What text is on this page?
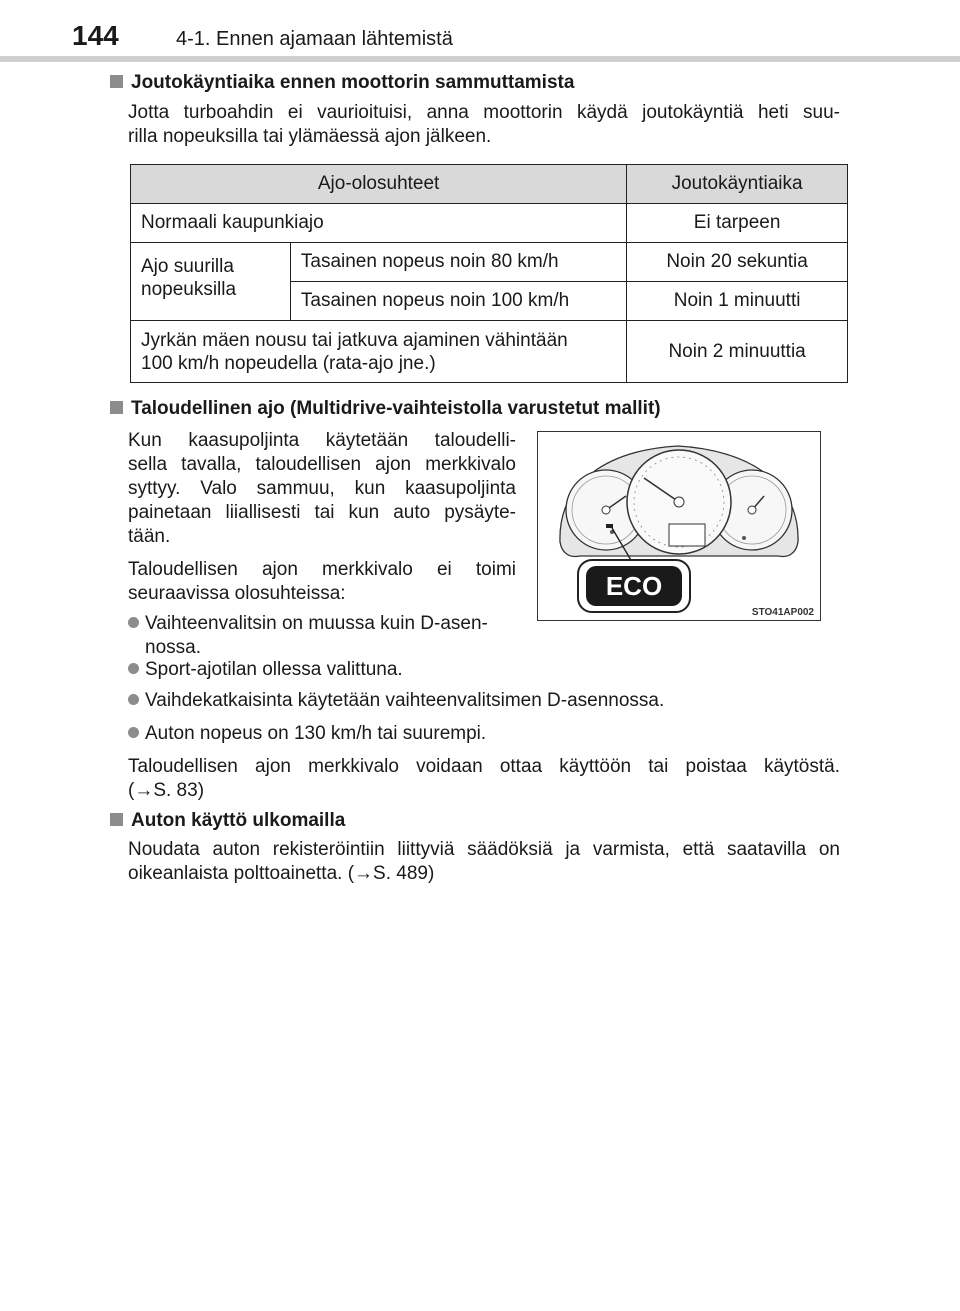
144	4-1. Ennen ajamaan lähtemistä
Joutokäyntiaika ennen moottorin sammuttamista
Jotta turboahdin ei vaurioituisi, anna moottorin käydä joutokäyntiä heti suu-
rilla nopeuksilla tai ylämäessä ajon jälkeen.
Ajo-olosuhteet		Joutokäyntiaika
Normaali kaupunkiajo		Ei tarpeen

Ajo suurilla
nopeuksilla	Tasainen nopeus noin 80 km/h	Noin 20 sekuntia
	Tasainen nopeus noin 100 km/h	Noin 1 minuutti

Jyrkän mäen nousu tai jatkuva ajaminen vähintään
100 km/h nopeudella (rata-ajo jne.)		Noin 2 minuuttia
Taloudellinen ajo (Multidrive-vaihteistolla varustetut mallit)
Kun kaasupoljinta käytetään taloudelli-
sella tavalla, taloudellisen ajon merkkivalo
syttyy. Valo sammuu, kun kaasupoljinta
painetaan liiallisesti tai kun auto pysäyte-
tään.
Taloudellisen ajon merkkivalo ei toimi
seuraavissa olosuhteissa:
Vaihteenvalitsin on muussa kuin D-asen-
nossa.
Sport-ajotilan ollessa valittuna.
Vaihdekatkaisinta käytetään vaihteenvalitsimen D-asennossa.
Auton nopeus on 130 km/h tai suurempi.
Taloudellisen ajon merkkivalo voidaan ottaa käyttöön tai poistaa käytöstä.
(→S. 83)
ECO
STO41AP002
Auton käyttö ulkomailla
Noudata auton rekisteröintiin liittyviä säädöksiä ja varmista, että saatavilla on
oikeanlaista polttoainetta. (→S. 489)
